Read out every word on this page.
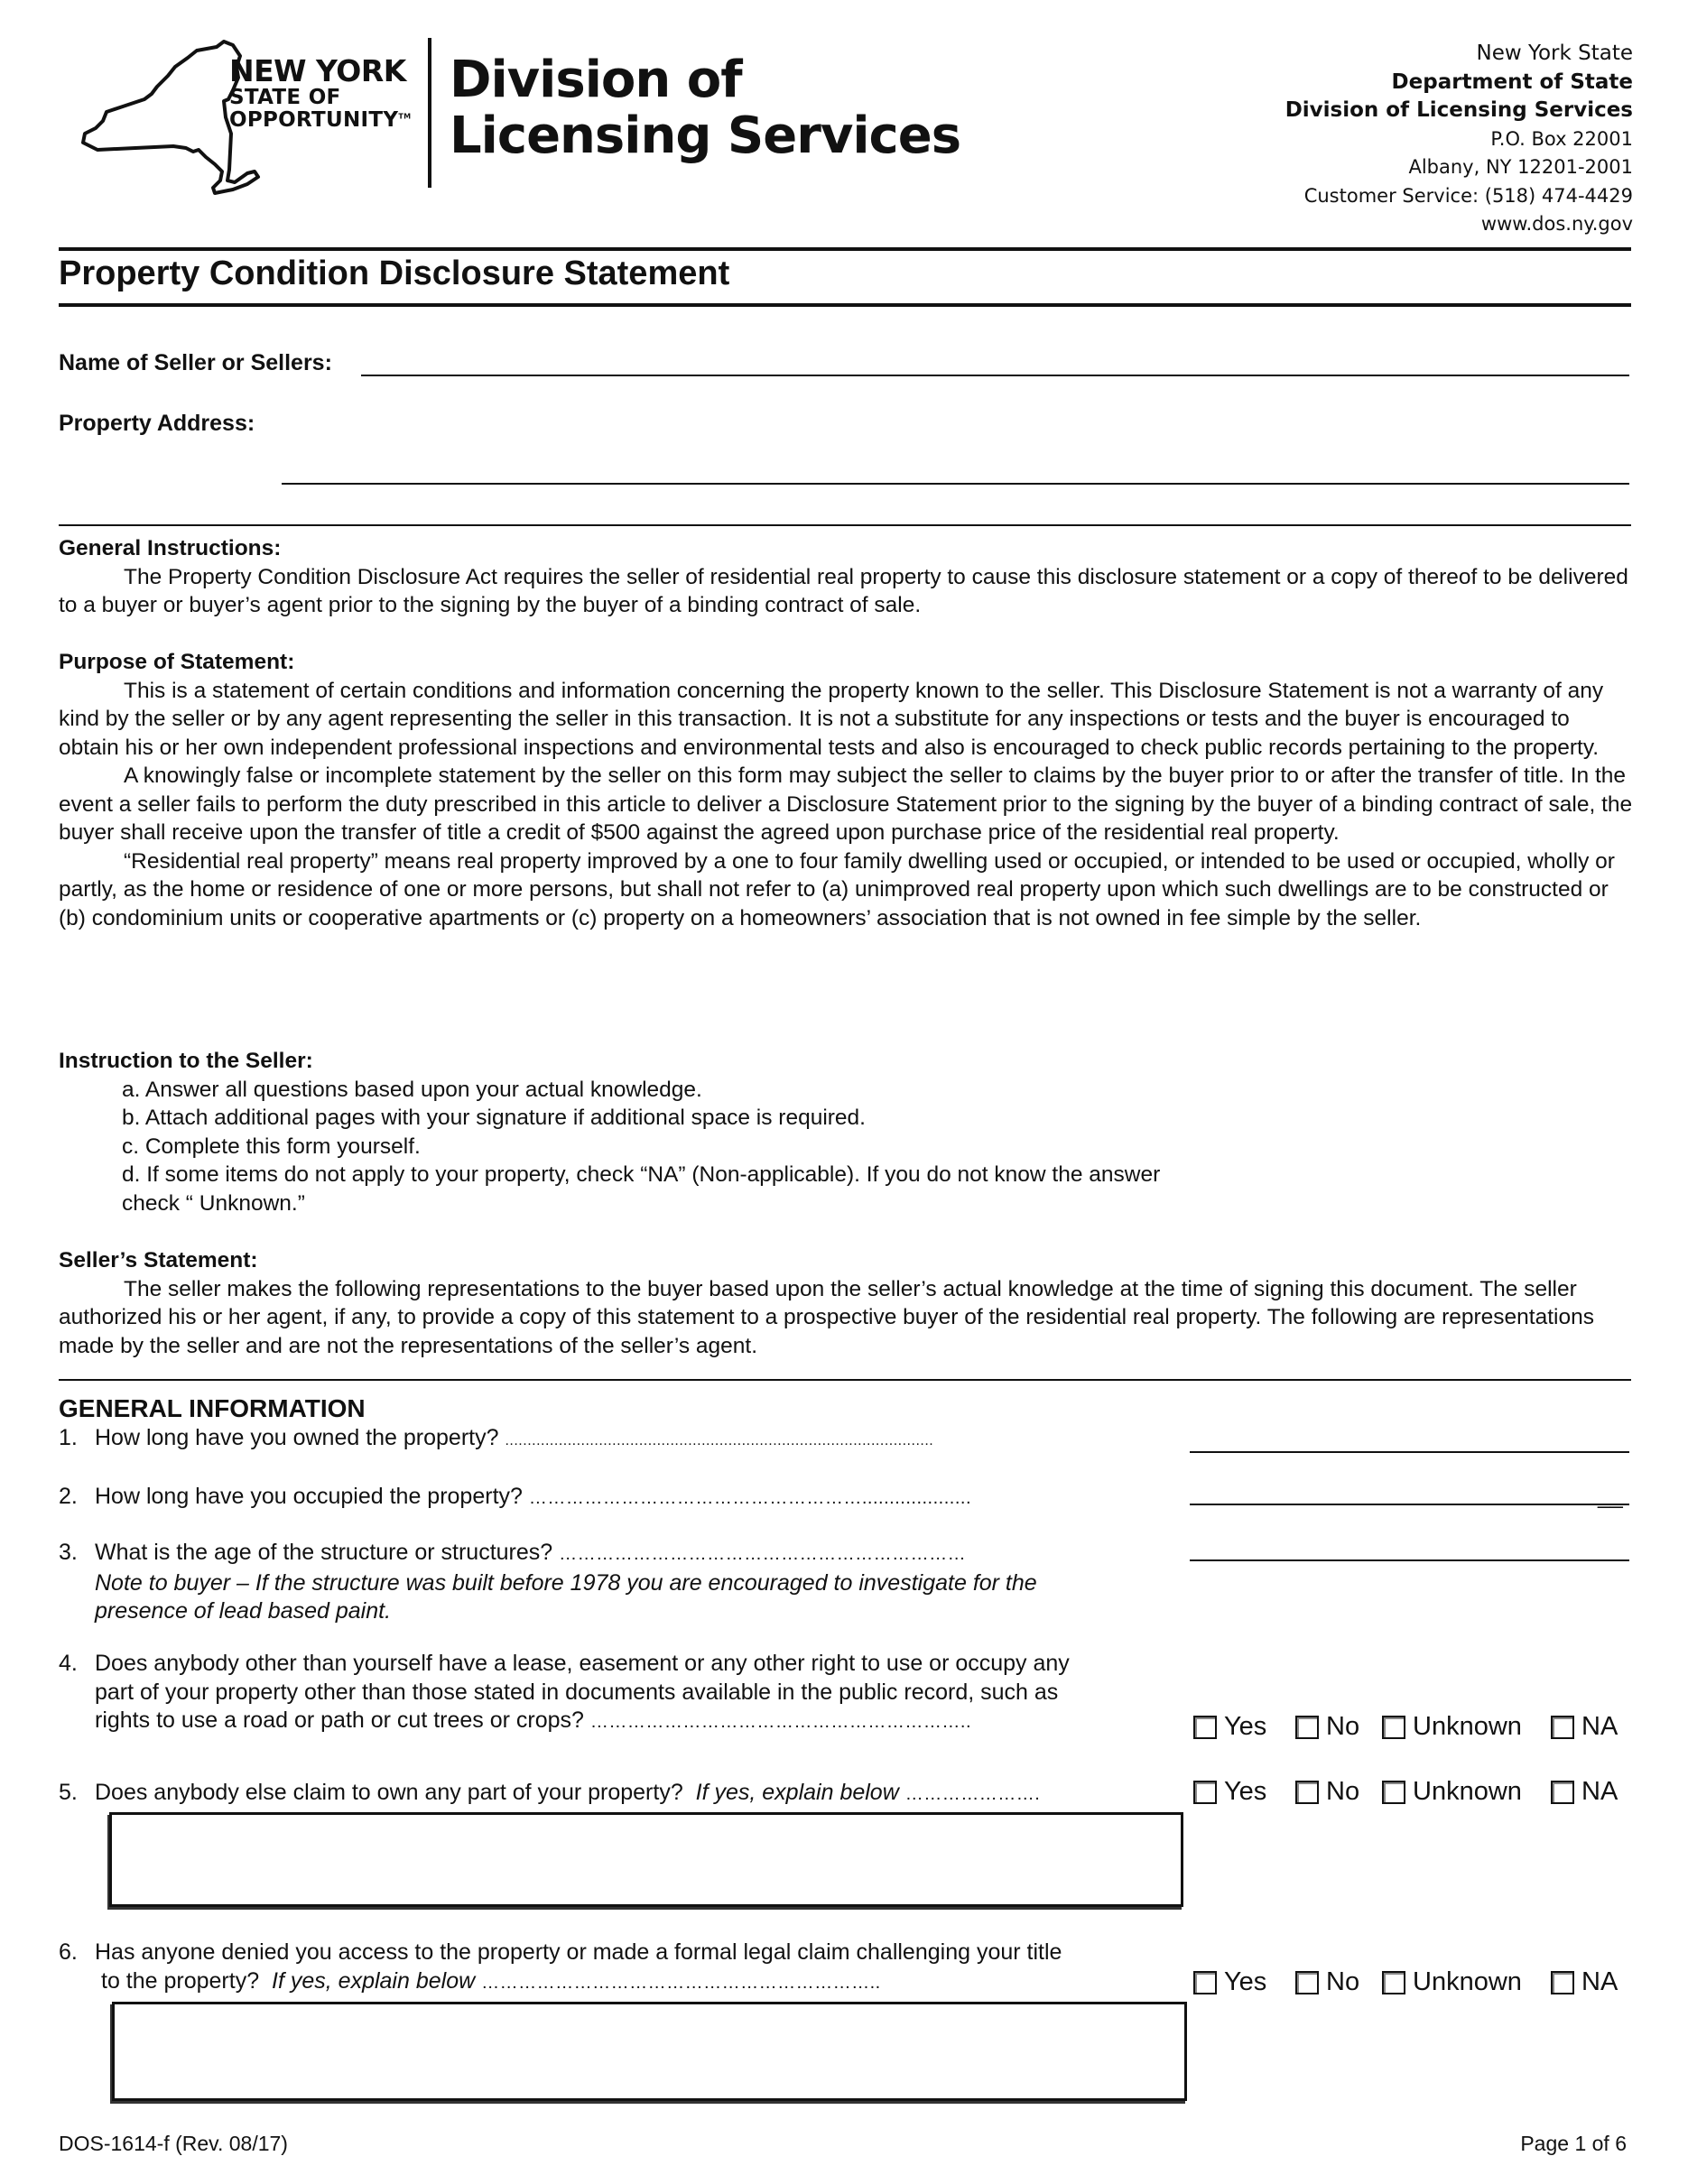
NEW YORK
STATE OF
OPPORTUNITY™
Division of
Licensing Services
New York State
Department of State
Division of Licensing Services
P.O. Box 22001
Albany, NY 12201-2001
Customer Service: (518) 474-4429
www.dos.ny.gov
Property Condition Disclosure Statement
Name of Seller or Sellers:
Property Address:

General Instructions:

The Property Condition Disclosure Act requires the seller of residential real property to cause this disclosure statement or a copy of thereof to be delivered to a buyer or buyer’s agent prior to the signing by the buyer of a binding contract of sale.

Purpose of Statement:

This is a statement of certain conditions and information concerning the property known to the seller. This Disclosure Statement is not a warranty of any kind by the seller or by any agent representing the seller in this transaction. It is not a substitute for any inspections or tests and the buyer is encouraged to obtain his or her own independent professional inspections and environmental tests and also is encouraged to check public records pertaining to the property.

A knowingly false or incomplete statement by the seller on this form may subject the seller to claims by the buyer prior to or after the transfer of title. In the event a seller fails to perform the duty prescribed in this article to deliver a Disclosure Statement prior to the signing by the buyer of a binding contract of sale, the buyer shall receive upon the transfer of title a credit of $500 against the agreed upon purchase price of the residential real property.

“Residential real property” means real property improved by a one to four family dwelling used or occupied, or intended to be used or occupied, wholly or partly, as the home or residence of one or more persons, but shall not refer to (a) unimproved real property upon which such dwellings are to be constructed or (b) condominium units or cooperative apartments or (c) property on a homeowners’ association that is not owned in fee simple by the seller.

Instruction to the Seller:

a. Answer all questions based upon your actual knowledge.

b. Attach additional pages with your signature if additional space is required.

c. Complete this form yourself.

d. If some items do not apply to your property, check “NA” (Non-applicable). If you do not know the answer

check “ Unknown.”

Seller’s Statement:

The seller makes the following representations to the buyer based upon the seller’s actual knowledge at the time of signing this document. The seller authorized his or her agent, if any, to provide a copy of this statement to a prospective buyer of the residential real property. The following are representations made by the seller and are not the representations of the seller’s agent.

GENERAL INFORMATION
1. How long have you owned the property? ................................................................................................
2. How long have you occupied the property? ………………………………………………....................	__
3. What is the age of the structure or structures? …………………………………………………………
Note to buyer – If the structure was built before 1978 you are encouraged to investigate for the
presence of lead based paint.
4. Does anybody other than yourself have a lease, easement or any other right to use or occupy any
part of your property other than those stated in documents available in the public record, such as
rights to use a road or path or cut trees or crops? ……………………………………………………..	Yes No Unknown NA
5. Does anybody else claim to own any part of your property? If yes, explain below ………………….	Yes No Unknown NA
6. Has anyone denied you access to the property or made a formal legal claim challenging your title
to the property? If yes, explain below ………………………………………………………..	Yes No Unknown NA
DOS-1614-f (Rev. 08/17)	Page 1 of 6
